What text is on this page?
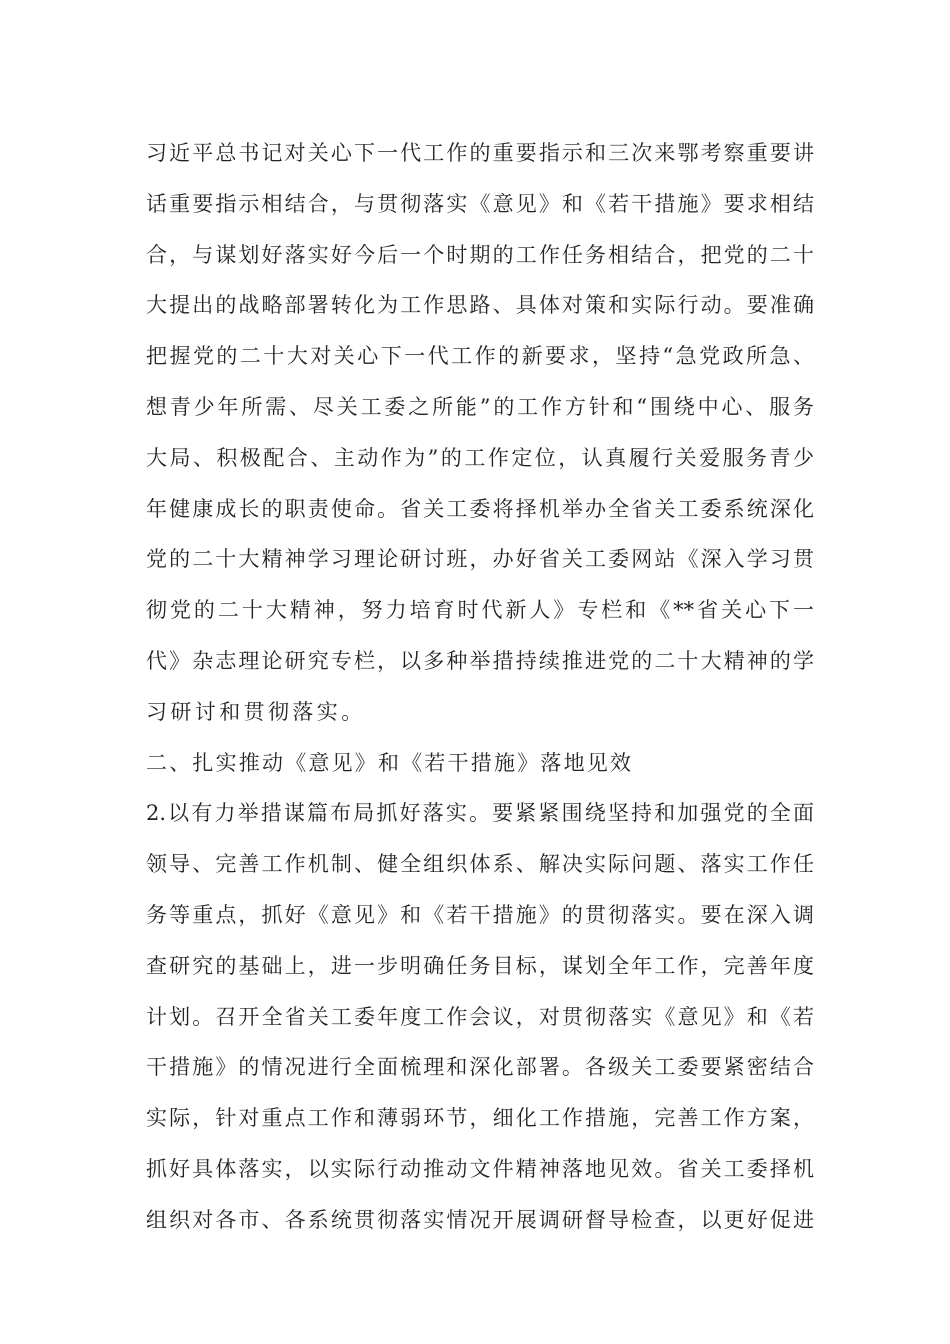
习近平总书记对关心下一代工作的重要指示和三次来鄂考察重要讲
话重要指示相结合，与贯彻落实《意见》和《若干措施》要求相结
合，与谋划好落实好今后一个时期的工作任务相结合，把党的二十
大提出的战略部署转化为工作思路、具体对策和实际行动。要准确
把握党的二十大对关心下一代工作的新要求，坚持“急党政所急、
想青少年所需、尽关工委之所能”的工作方针和“围绕中心、服务
大局、积极配合、主动作为”的工作定位，认真履行关爱服务青少
年健康成长的职责使命。省关工委将择机举办全省关工委系统深化
党的二十大精神学习理论研讨班，办好省关工委网站《深入学习贯
彻党的二十大精神，努力培育时代新人》专栏和《**省关心下一
代》杂志理论研究专栏，以多种举措持续推进党的二十大精神的学
习研讨和贯彻落实。
二、扎实推动《意见》和《若干措施》落地见效
2.以有力举措谋篇布局抓好落实。要紧紧围绕坚持和加强党的全面
领导、完善工作机制、健全组织体系、解决实际问题、落实工作任
务等重点，抓好《意见》和《若干措施》的贯彻落实。要在深入调
查研究的基础上，进一步明确任务目标，谋划全年工作，完善年度
计划。召开全省关工委年度工作会议，对贯彻落实《意见》和《若
干措施》的情况进行全面梳理和深化部署。各级关工委要紧密结合
实际，针对重点工作和薄弱环节，细化工作措施，完善工作方案，
抓好具体落实，以实际行动推动文件精神落地见效。省关工委择机
组织对各市、各系统贯彻落实情况开展调研督导检查，以更好促进
